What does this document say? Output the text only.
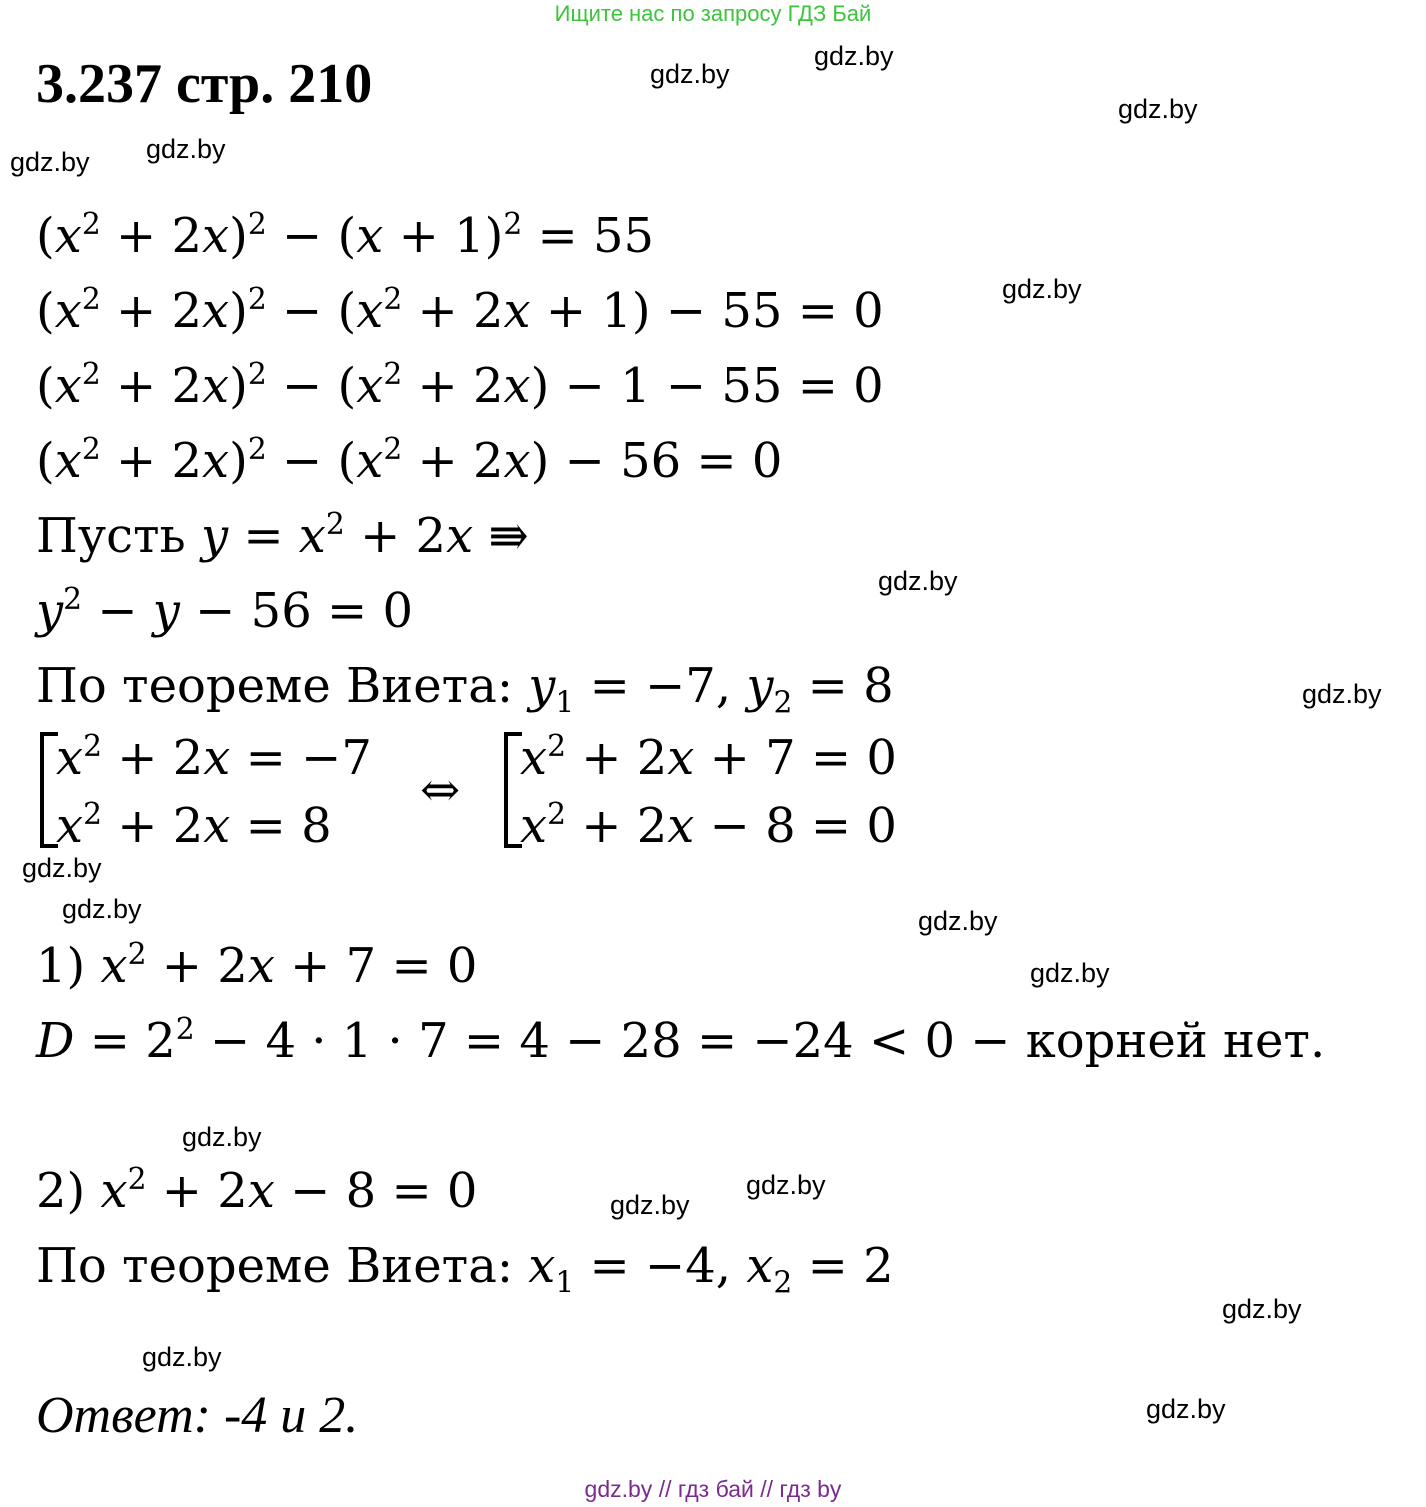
Ищите нас по запросу ГДЗ Бай
3.237 стр. 210	gdz.by
gdz.by
gdz.by
gdz.by gdz.by
gdz.by
gdz.by
gdz.by
gdz.by
gdz.by	gdz.by
gdz.by
gdz.by
gdz.by
gdz.by
gdz.by
gdz.by
gdz.by
$(x^2 + 2x)^2 - (x + 1)^2 = 55$
$(x^2 + 2x)^2 - (x^2 + 2x + 1) - 55 = 0$
$(x^2 + 2x)^2 - (x^2 + 2x) - 1 - 55 = 0$
$(x^2 + 2x)^2 - (x^2 + 2x) - 56 = 0$
Пусть $y = x^2 + 2x$ ⇛
$y^2 - y - 56 = 0$
По теореме Виета: $y_1 = -7$, $y_2 = 8$
$x^2 + 2x = -7$
$x^2 + 2x = 8$
⇔
$x^2 + 2x + 7 = 0$
$x^2 + 2x - 8 = 0$
1) $x^2 + 2x + 7 = 0$
$D = 2^2 - 4 \cdot 1 \cdot 7 = 4 - 28 = -24 < 0$ − корней нет.
2) $x^2 + 2x - 8 = 0$
По теореме Виета: $x_1 = -4$, $x_2 = 2$
Ответ: -4 и 2.
gdz.by // гдз бай // гдз by
